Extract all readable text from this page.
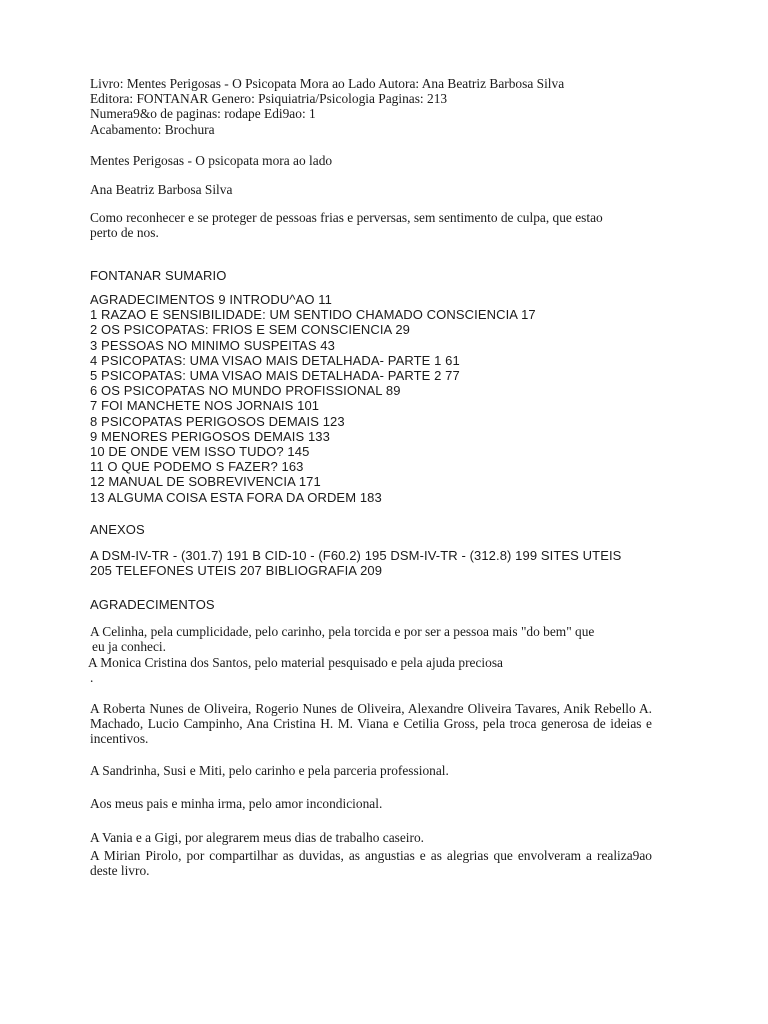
Livro: Mentes Perigosas - O Psicopata Mora ao Lado Autora: Ana Beatriz Barbosa Silva
Editora: FONTANAR Genero: Psiquiatria/Psicologia Paginas: 213
Numera9&o de paginas: rodape Edi9ao: 1
Acabamento: Brochura
Mentes Perigosas - O psicopata mora ao lado
Ana Beatriz Barbosa Silva
Como reconhecer e se proteger de pessoas frias e perversas, sem sentimento de culpa, que estao
perto de nos.
FONTANAR SUMARIO
AGRADECIMENTOS 9 INTRODU^AO 11
1 RAZAO E SENSIBILIDADE: UM SENTIDO CHAMADO CONSCIENCIA 17
2 OS PSICOPATAS: FRIOS E SEM CONSCIENCIA 29
3 PESSOAS NO MINIMO SUSPEITAS 43
4 PSICOPATAS: UMA VISAO MAIS DETALHADA- PARTE 1 61
5 PSICOPATAS: UMA VISAO MAIS DETALHADA- PARTE 2 77
6 OS PSICOPATAS NO MUNDO PROFISSIONAL 89
7 FOI MANCHETE NOS JORNAIS 101
8 PSICOPATAS PERIGOSOS DEMAIS 123
9 MENORES PERIGOSOS DEMAIS 133
10 DE ONDE VEM ISSO TUDO? 145
11 O QUE PODEMO S FAZER? 163
12 MANUAL DE SOBREVIVENCIA 171
13 ALGUMA COISA ESTA FORA DA ORDEM 183
ANEXOS
A DSM-IV-TR - (301.7) 191 B CID-10 - (F60.2) 195 DSM-IV-TR - (312.8) 199 SITES UTEIS
205 TELEFONES UTEIS 207 BIBLIOGRAFIA 209
AGRADECIMENTOS
A Celinha, pela cumplicidade, pelo carinho, pela torcida e por ser a pessoa mais "do bem" que
eu ja conheci.
A Monica Cristina dos Santos, pelo material pesquisado e pela ajuda preciosa
.
A Roberta Nunes de Oliveira, Rogerio Nunes de Oliveira, Alexandre Oliveira Tavares, Anik Rebello A. Machado, Lucio Campinho, Ana Cristina H. M. Viana e Cetilia Gross, pela troca generosa de ideias e incentivos.
A Sandrinha, Susi e Miti, pelo carinho e pela parceria professional.
Aos meus pais e minha irma, pelo amor incondicional.
A Vania e a Gigi, por alegrarem meus dias de trabalho caseiro.
A Mirian Pirolo, por compartilhar as duvidas, as angustias e as alegrias que envolveram a realiza9ao deste livro.
